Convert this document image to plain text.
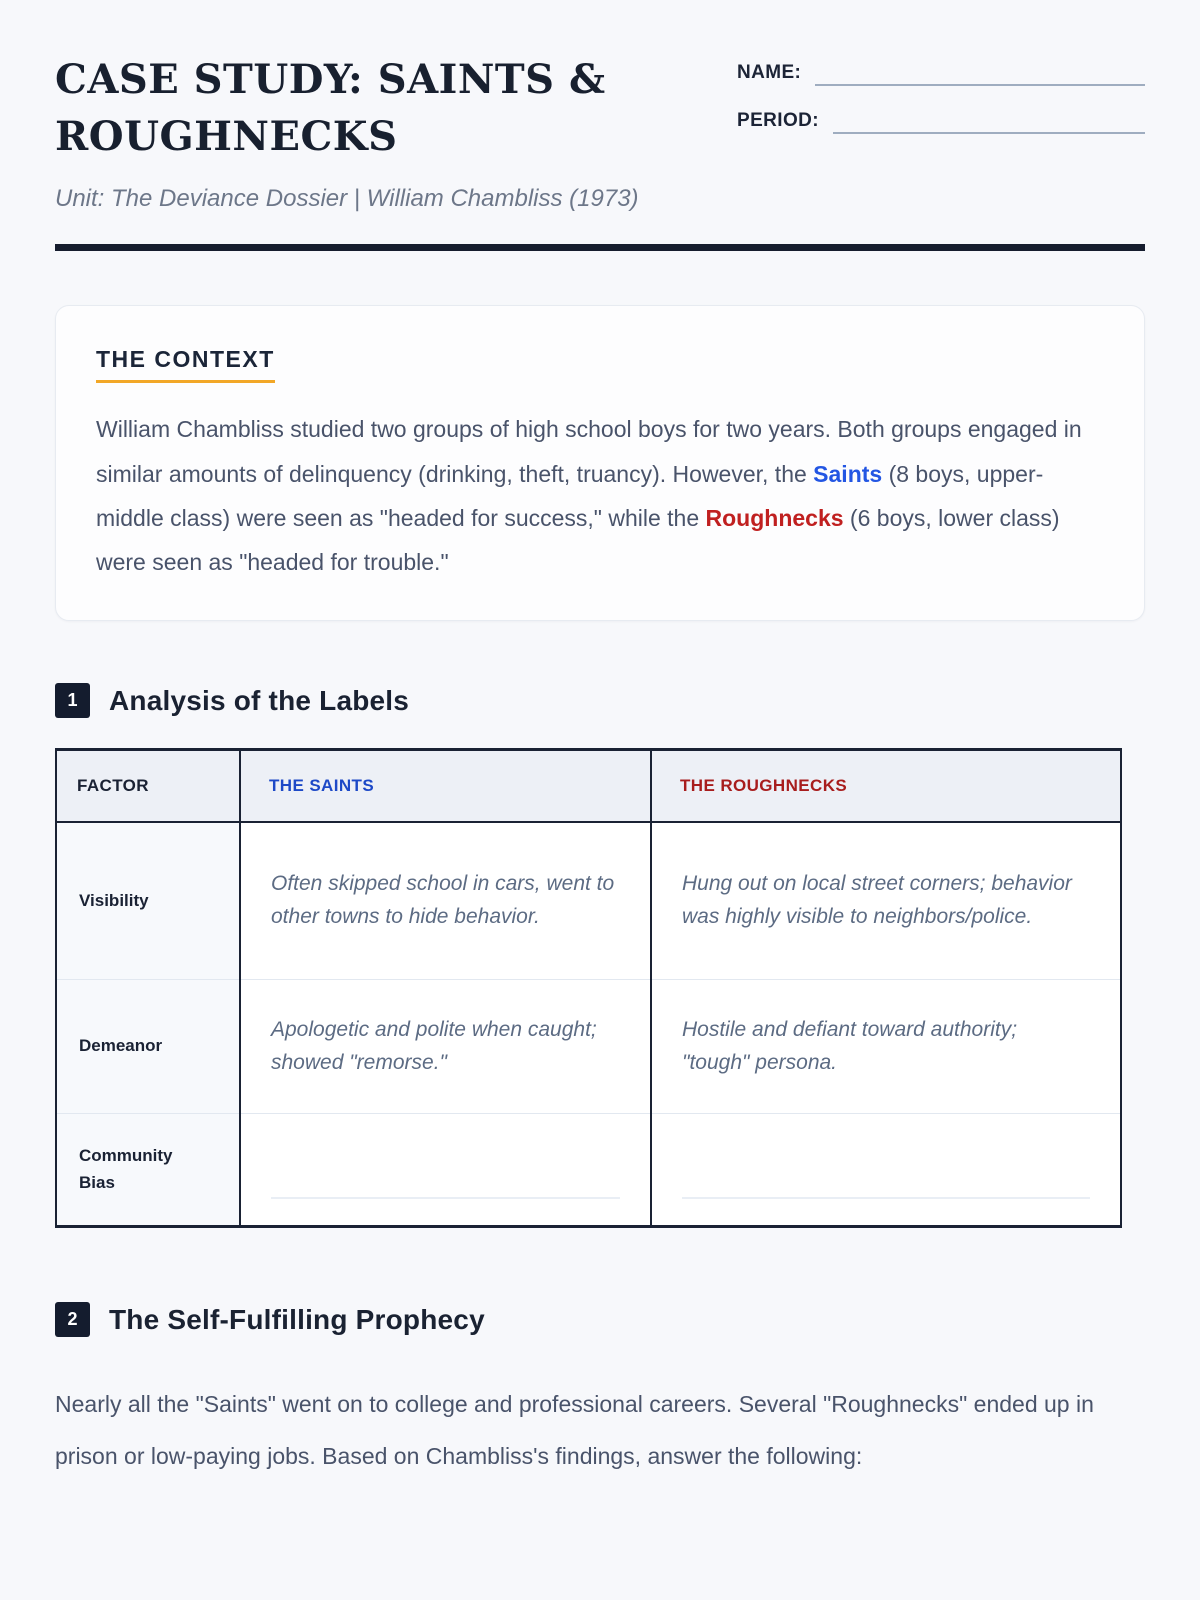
CASE STUDY: SAINTS & ROUGHNECKS

Unit: The Deviance Dossier | William Chambliss (1973)

NAME:
PERIOD:
THE CONTEXT

William Chambliss studied two groups of high school boys for two years. Both groups engaged in similar amounts of delinquency (drinking, theft, truancy). However, the Saints (8 boys, upper-middle class) were seen as "headed for success," while the Roughnecks (6 boys, lower class) were seen as "headed for trouble."

1	Analysis of the Labels
FACTOR	THE SAINTS	THE ROUGHNECKS
Visibility	Often skipped school in cars, went to other towns to hide behavior.	Hung out on local street corners; behavior was highly visible to neighbors/police.
Demeanor	Apologetic and polite when caught; showed "remorse."	Hostile and defiant toward authority; "tough" persona.
Community Bias	

2	The Self-Fulfilling Prophecy

Nearly all the "Saints" went on to college and professional careers. Several "Roughnecks" ended up in prison or low-paying jobs. Based on Chambliss's findings, answer the following:
